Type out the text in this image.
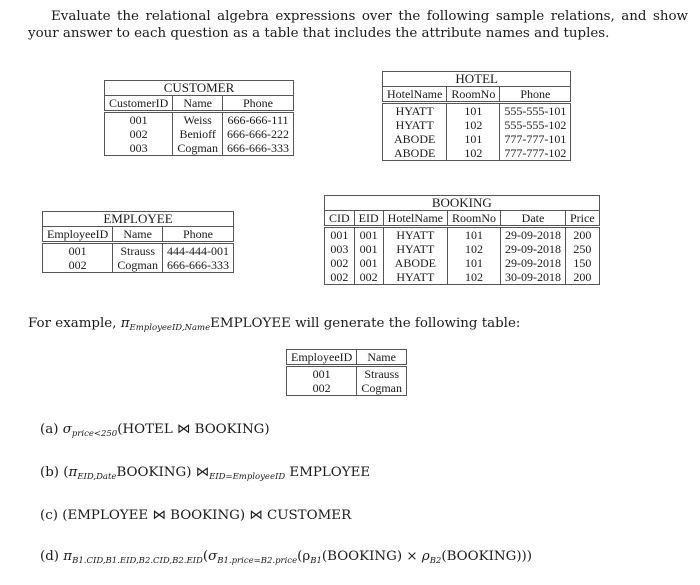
Evaluate the relational algebra expressions over the following sample relations, and show your answer to each question as a table that includes the attribute names and tuples.
CUSTOMER		
CustomerID	Name	Phone
001	Weiss	666-666-111
002	Benioff	666-666-222
003	Cogman	666-666-333
HOTEL		
HotelName	RoomNo	Phone
HYATT	101	555-555-101
HYATT	102	555-555-102
ABODE	101	777-777-101
ABODE	102	777-777-102
EMPLOYEE		
EmployeeID	Name	Phone
001	Strauss	444-444-001
002	Cogman	666-666-333
BOOKING					
CID	EID	HotelName	RoomNo	Date	Price
001	001	HYATT	101	29-09-2018	200
003	001	HYATT	102	29-09-2018	250
002	001	ABODE	101	29-09-2018	150
002	002	HYATT	102	30-09-2018	200
For example, $\pi_{EmployeeID,Name}EMPLOYEE$ will generate the following table:
EmployeeID	Name
001	Strauss
002	Cogman
(a) $\sigma_{price<250}(HOTEL$ ⋈ BOOKING)
(b) $(\pi_{EID,Date}BOOKING)$ $⋈_{EID=EmployeeID}$ EMPLOYEE
(c) (EMPLOYEE ⋈ BOOKING) ⋈ CUSTOMER
(d) $\pi_{B1.CID,B1.EID,B2.CID,B2.EID}(\sigma_{B1.price=B2.price}(\rho_{B1}(BOOKING)$ × $\rho_{B2}(BOOKING)$))
